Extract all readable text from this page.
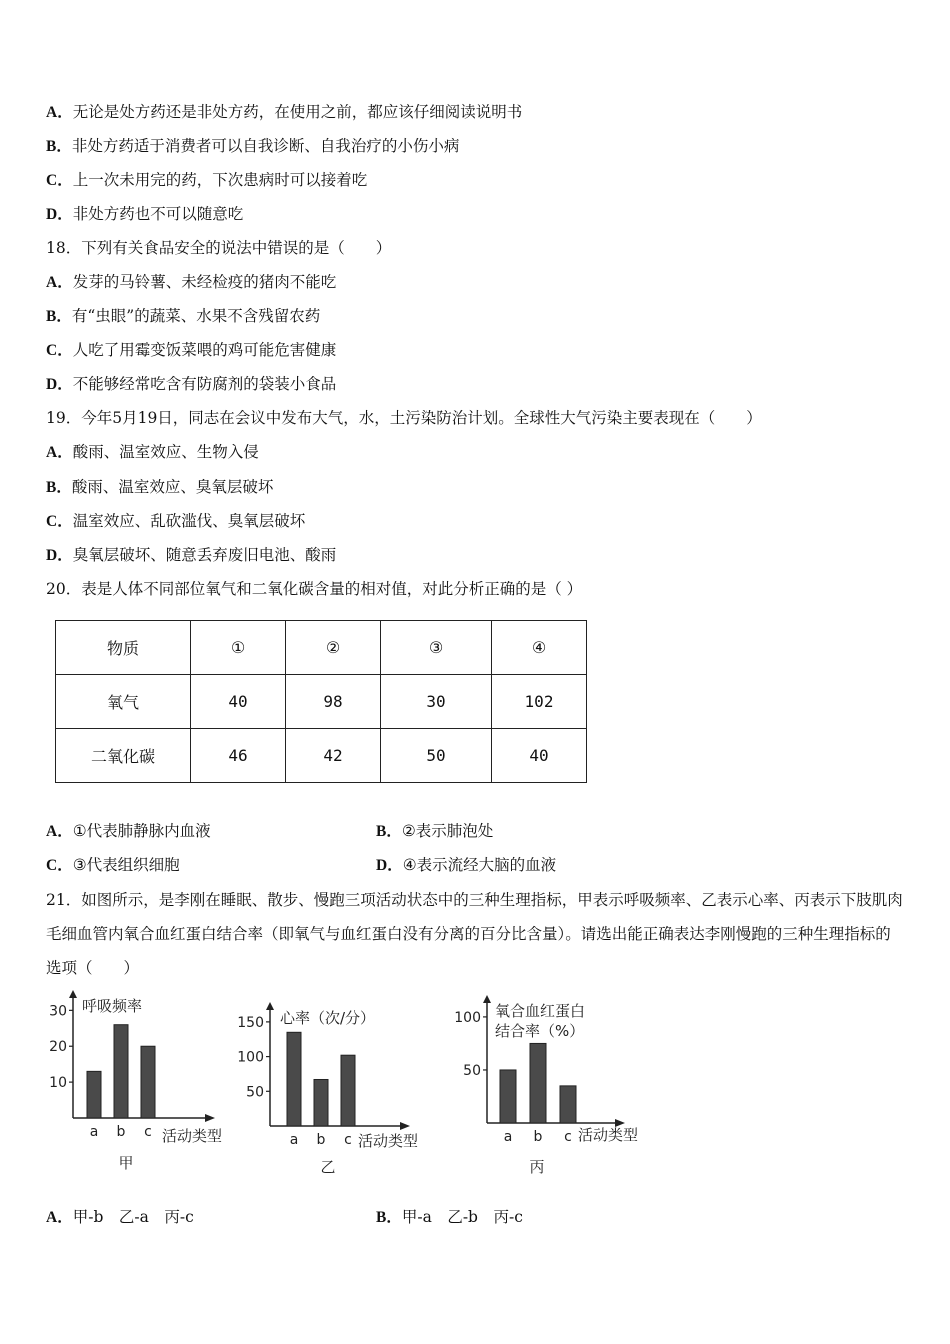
A．无论是处方药还是非处方药，在使用之前，都应该仔细阅读说明书
B．非处方药适于消费者可以自我诊断、自我治疗的小伤小病
C．上一次未用完的药，下次患病时可以接着吃
D．非处方药也不可以随意吃
18．下列有关食品安全的说法中错误的是（　　）
A．发芽的马铃薯、未经检疫的猪肉不能吃
B．有“虫眼”的蔬菜、水果不含残留农药
C．人吃了用霉变饭菜喂的鸡可能危害健康
D．不能够经常吃含有防腐剂的袋装小食品
19．今年5月19日，同志在会议中发布大气，水，土污染防治计划。全球性大气污染主要表现在（　　）
A．酸雨、温室效应、生物入侵
B．酸雨、温室效应、臭氧层破坏
C．温室效应、乱砍滥伐、臭氧层破坏
D．臭氧层破坏、随意丢弃废旧电池、酸雨
20．表是人体不同部位氧气和二氧化碳含量的相对值，对此分析正确的是（ ）
物质	①	②	③	④
氧气	40	98	30	102
二氧化碳	46	42	50	40
A．①代表肺静脉内血液	B．②表示肺泡处
C．③代表组织细胞	D．④表示流经大脑的血液
21．如图所示，是李刚在睡眠、散步、慢跑三项活动状态中的三种生理指标，甲表示呼吸频率、乙表示心率、丙表示下肢肌肉毛细血管内氧合血红蛋白结合率（即氧气与血红蛋白没有分离的百分比含量）。请选出能正确表达李刚慢跑的三种生理指标的选项（　　）
呼吸频率
活动类型
甲
10
20
30
a b c
心率（次/分）
活动类型
乙
50
100
150
a b c
氧合血红蛋白
结合率（%）
活动类型
丙
50
100
a b c
A．甲-b　乙-a　丙-c	B．甲-a　乙-b　丙-c
